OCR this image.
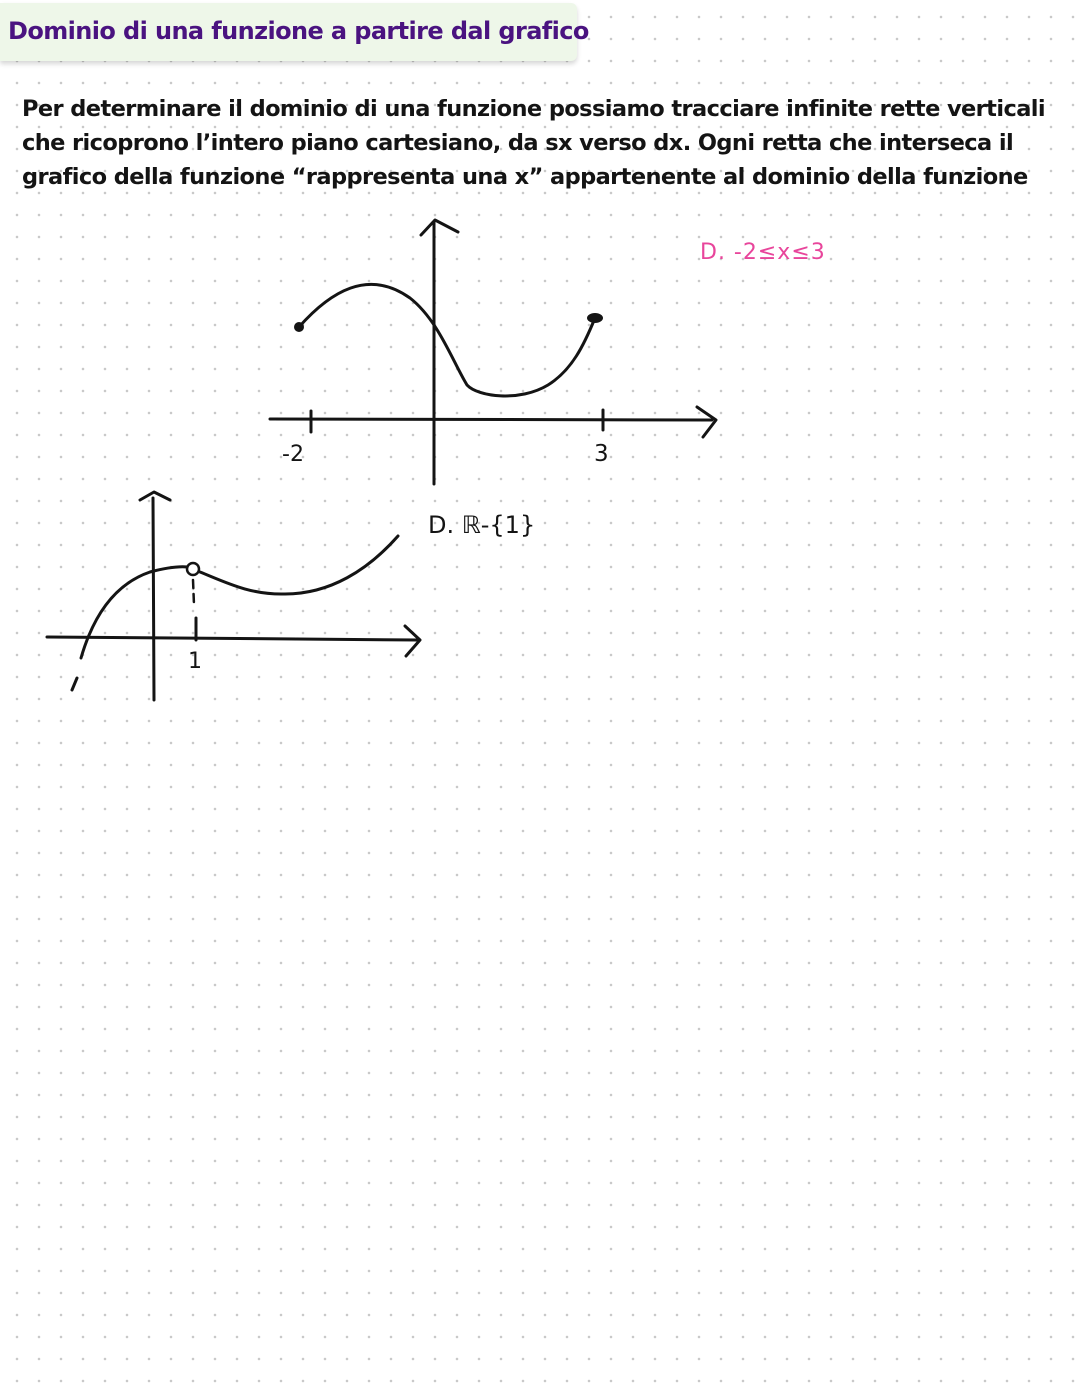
Dominio di una funzione a partire dal grafico

Per determinare il dominio di una funzione possiamo tracciare infinite rette verticali che ricoprono l’intero piano cartesiano, da sx verso dx. Ogni retta che interseca il grafico della funzione “rappresenta una x” appartenente al dominio della funzione

-2	3
D. -2≤x≤3
1
D. ℝ-{1}
